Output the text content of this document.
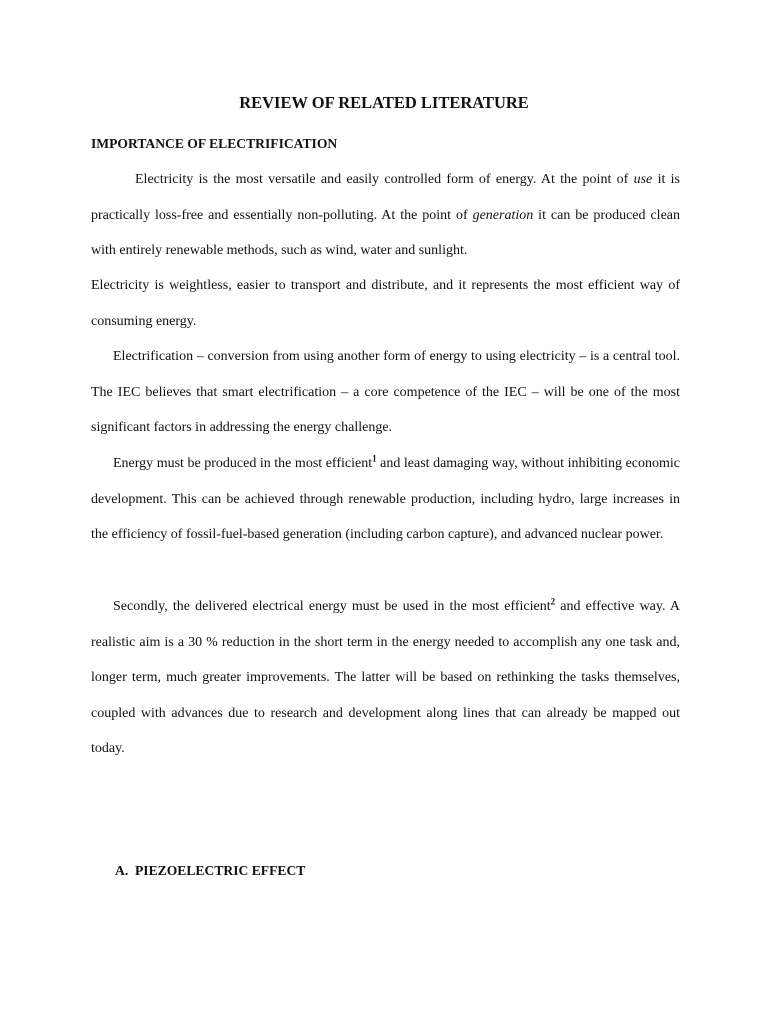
REVIEW OF RELATED LITERATURE
IMPORTANCE OF ELECTRIFICATION

Electricity is the most versatile and easily controlled form of energy. At the point of use it is practically loss-free and essentially non-polluting. At the point of generation it can be produced clean with entirely renewable methods, such as wind, water and sunlight.

Electricity is weightless, easier to transport and distribute, and it represents the most efficient way of consuming energy.

Electrification – conversion from using another form of energy to using electricity – is a central tool. The IEC believes that smart electrification – a core competence of the IEC – will be one of the most significant factors in addressing the energy challenge.

Energy must be produced in the most efficient$^1$ and least damaging way, without inhibiting economic development. This can be achieved through renewable production, including hydro, large increases in the efficiency of fossil-fuel-based generation (including carbon capture), and advanced nuclear power.

Secondly, the delivered electrical energy must be used in the most efficient$^2$ and effective way. A realistic aim is a 30 % reduction in the short term in the energy needed to accomplish any one task and, longer term, much greater improvements. The latter will be based on rethinking the tasks themselves, coupled with advances due to research and development along lines that can already be mapped out today.

A. PIEZOELECTRIC EFFECT
